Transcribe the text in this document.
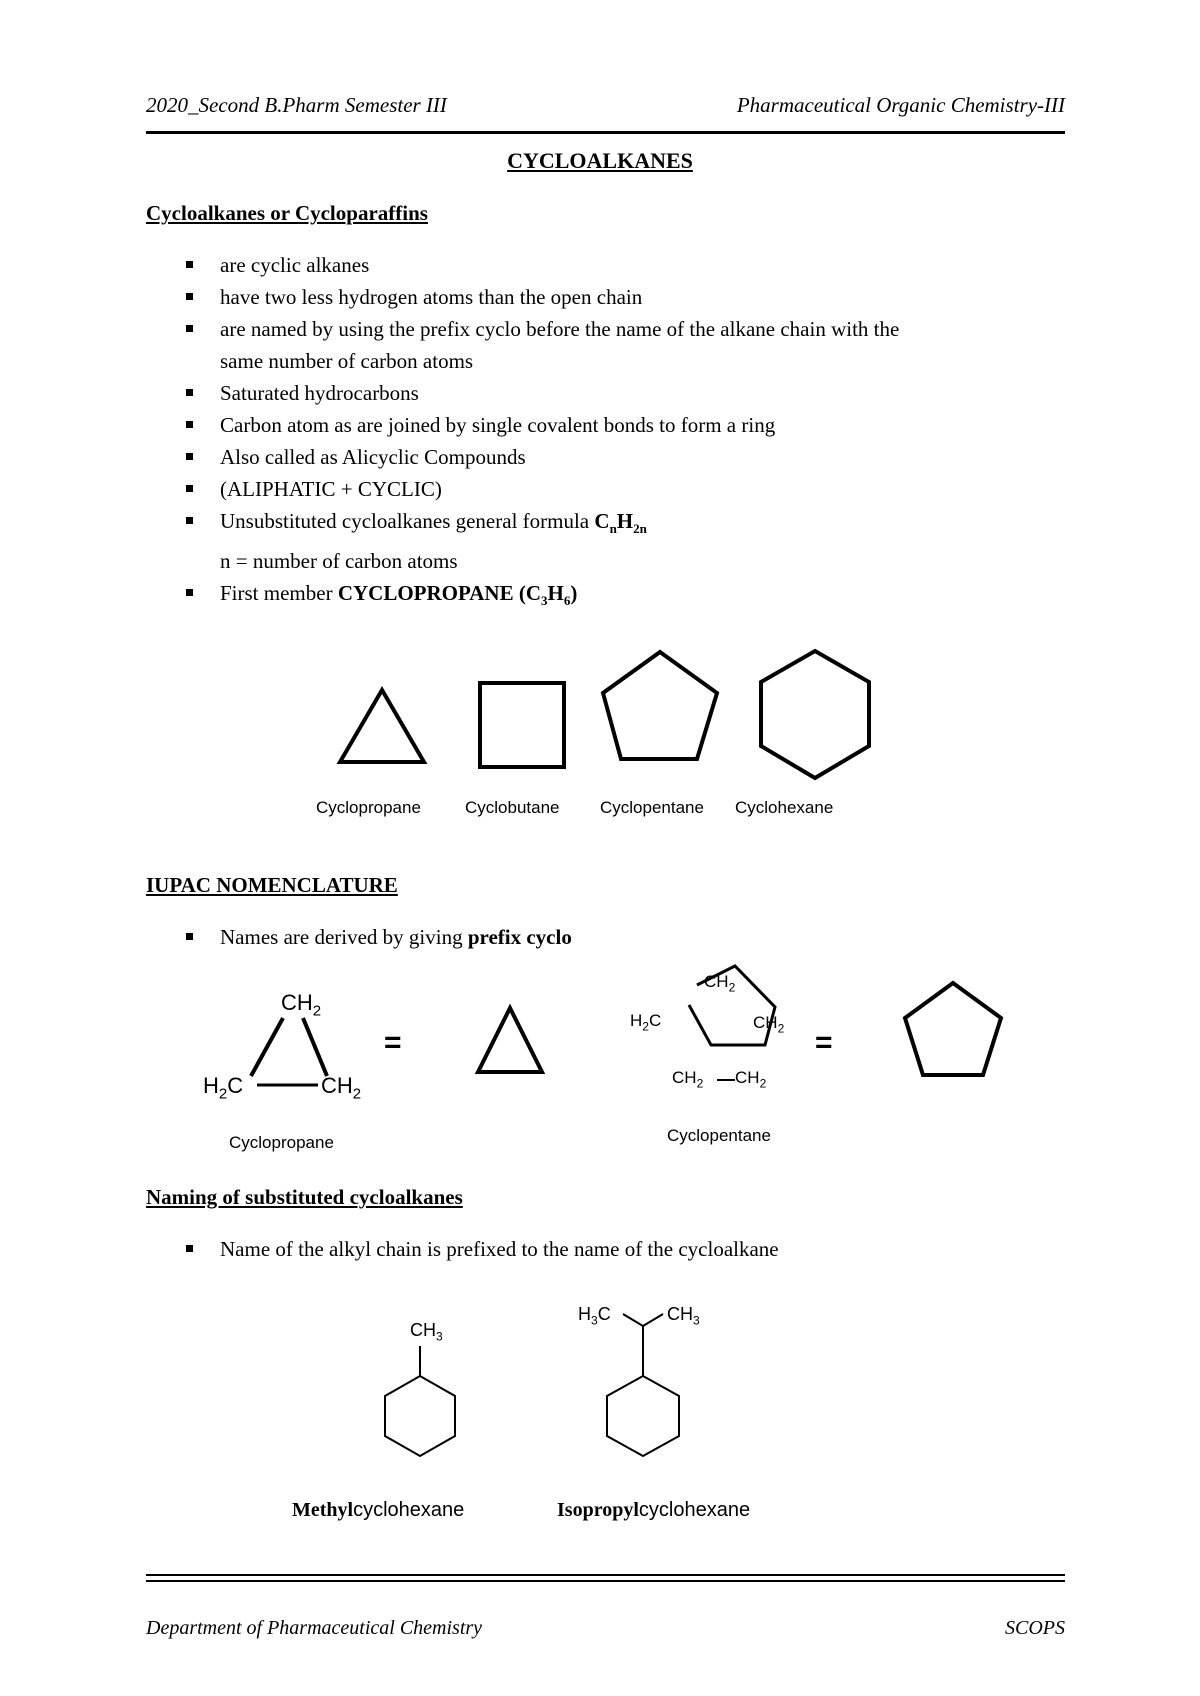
2020_Second B.Pharm Semester III	Pharmaceutical Organic Chemistry-III
CYCLOALKANES
Cycloalkanes or Cycloparaffins
are cyclic alkanes
have two less hydrogen atoms than the open chain
are named by using the prefix cyclo before the name of the alkane chain with the
same number of carbon atoms
Saturated hydrocarbons
Carbon atom as are joined by single covalent bonds to form a ring
Also called as Alicyclic Compounds
(ALIPHATIC + CYCLIC)
Unsubstituted cycloalkanes general formula $C_nH_{2n}$
n = number of carbon atoms
First member CYCLOPROPANE $(C_3H_6)$
Cyclopropane	Cyclobutane Cyclopentane Cyclohexane
IUPAC NOMENCLATURE
Names are derived by giving prefix cyclo
$CH_2$
$H_2C$	$CH_2$
=
$CH_2$
$H_2C$	$CH_2$
$CH_2$ $CH_2$
=
Cyclopropane	Cyclopentane
Naming of substituted cycloalkanes
Name of the alkyl chain is prefixed to the name of the cycloalkane
$CH_3$
$H_3C$	$CH_3$
Methylcyclohexane	Isopropylcyclohexane
Department of Pharmaceutical Chemistry	SCOPS
